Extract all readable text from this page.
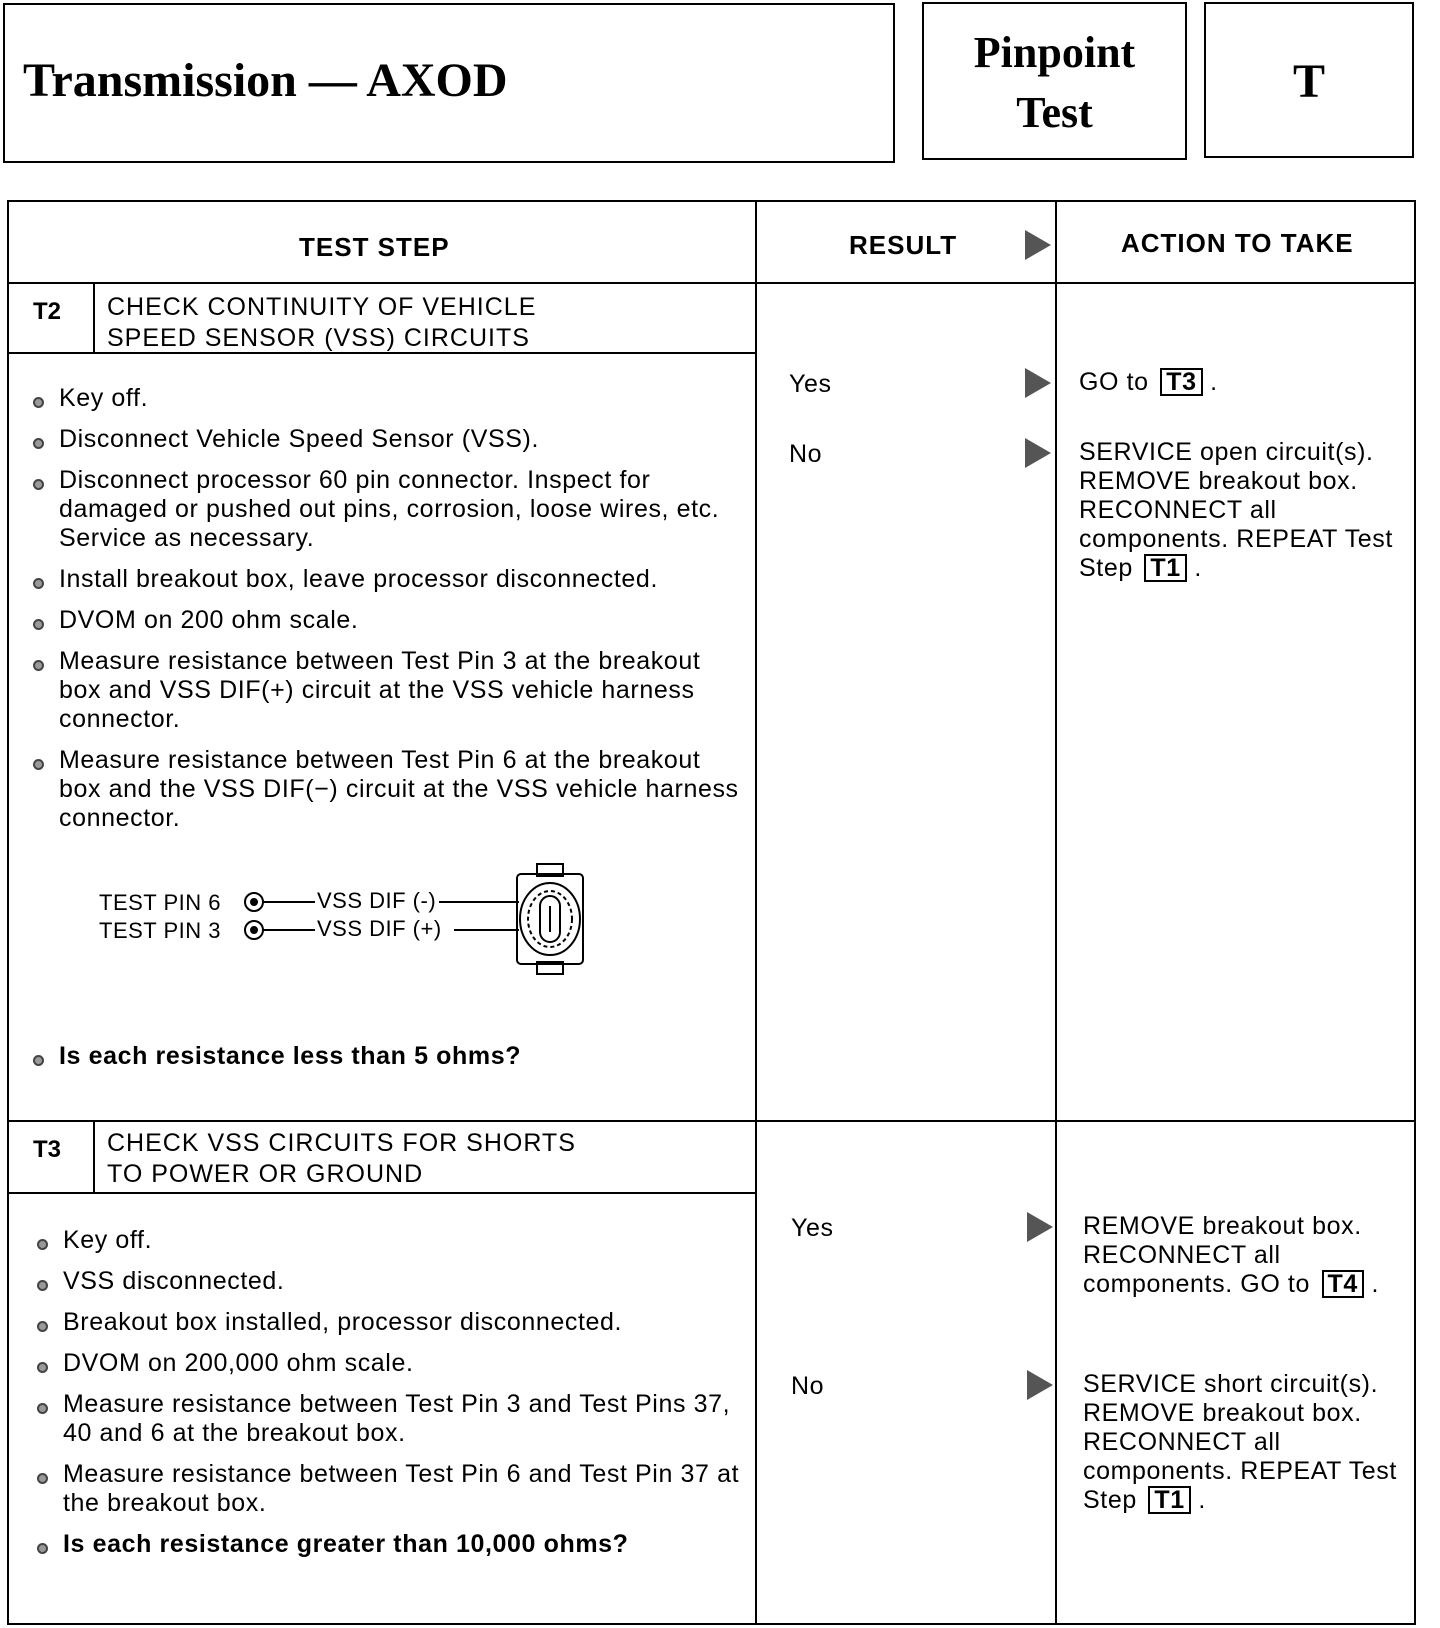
Transmission — AXOD
Pinpoint
Test
T
TEST STEP	RESULT	ACTION TO TAKE
T2 CHECK CONTINUITY OF VEHICLE
SPEED SENSOR (VSS) CIRCUITS
Key off.
Disconnect Vehicle Speed Sensor (VSS).
Disconnect processor 60 pin connector. Inspect for damaged or pushed out pins, corrosion, loose wires, etc. Service as necessary.
Install breakout box, leave processor disconnected.
DVOM on 200 ohm scale.
Measure resistance between Test Pin 3 at the breakout box and VSS DIF(+) circuit at the VSS vehicle harness connector.
Measure resistance between Test Pin 6 at the breakout box and the VSS DIF(−) circuit at the VSS vehicle harness connector.
TEST PIN 6
TEST PIN 3
VSS DIF (-)
VSS DIF (+)
Is each resistance less than 5 ohms?
Yes	GO to T3 .
No	SERVICE open circuit(s). REMOVE breakout box. RECONNECT all components. REPEAT Test Step T1 .
T3 CHECK VSS CIRCUITS FOR SHORTS
TO POWER OR GROUND
Key off.
VSS disconnected.
Breakout box installed, processor disconnected.
DVOM on 200,000 ohm scale.
Measure resistance between Test Pin 3 and Test Pins 37, 40 and 6 at the breakout box.
Measure resistance between Test Pin 6 and Test Pin 37 at the breakout box.
Is each resistance greater than 10,000 ohms?
Yes	REMOVE breakout box. RECONNECT all components. GO to T4 .
No	SERVICE short circuit(s). REMOVE breakout box. RECONNECT all components. REPEAT Test Step T1 .
